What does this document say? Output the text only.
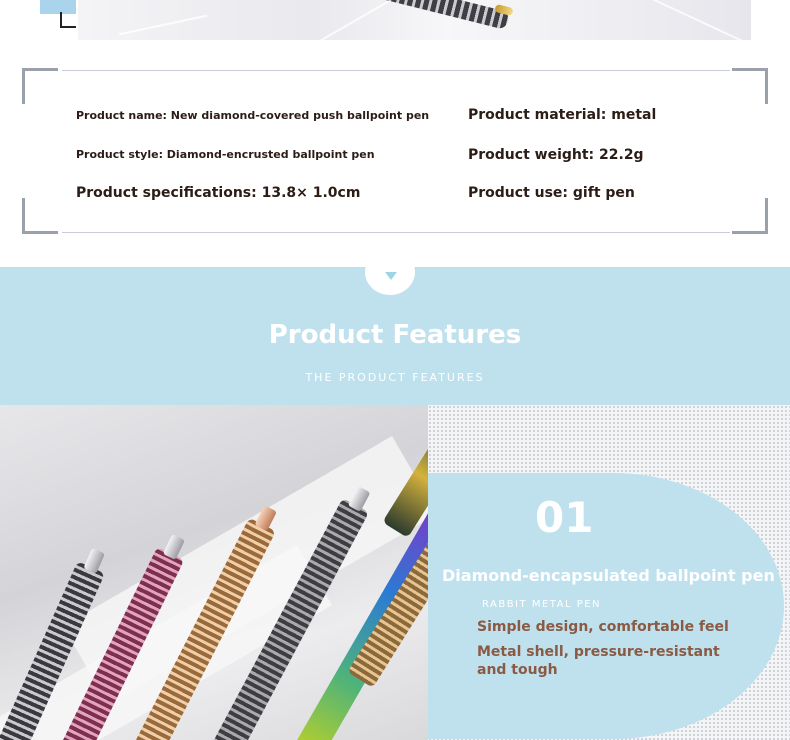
Product name: New diamond-covered push ballpoint pen
Product style: Diamond-encrusted ballpoint pen
Product specifications: 13.8× 1.0cm
Product material: metal
Product weight: 22.2g
Product use: gift pen
Product Features
THE PRODUCT FEATURES
01
Diamond-encapsulated ballpoint pen
RABBIT METAL PEN
Simple design, comfortable feel
Metal shell, pressure-resistant
and tough
